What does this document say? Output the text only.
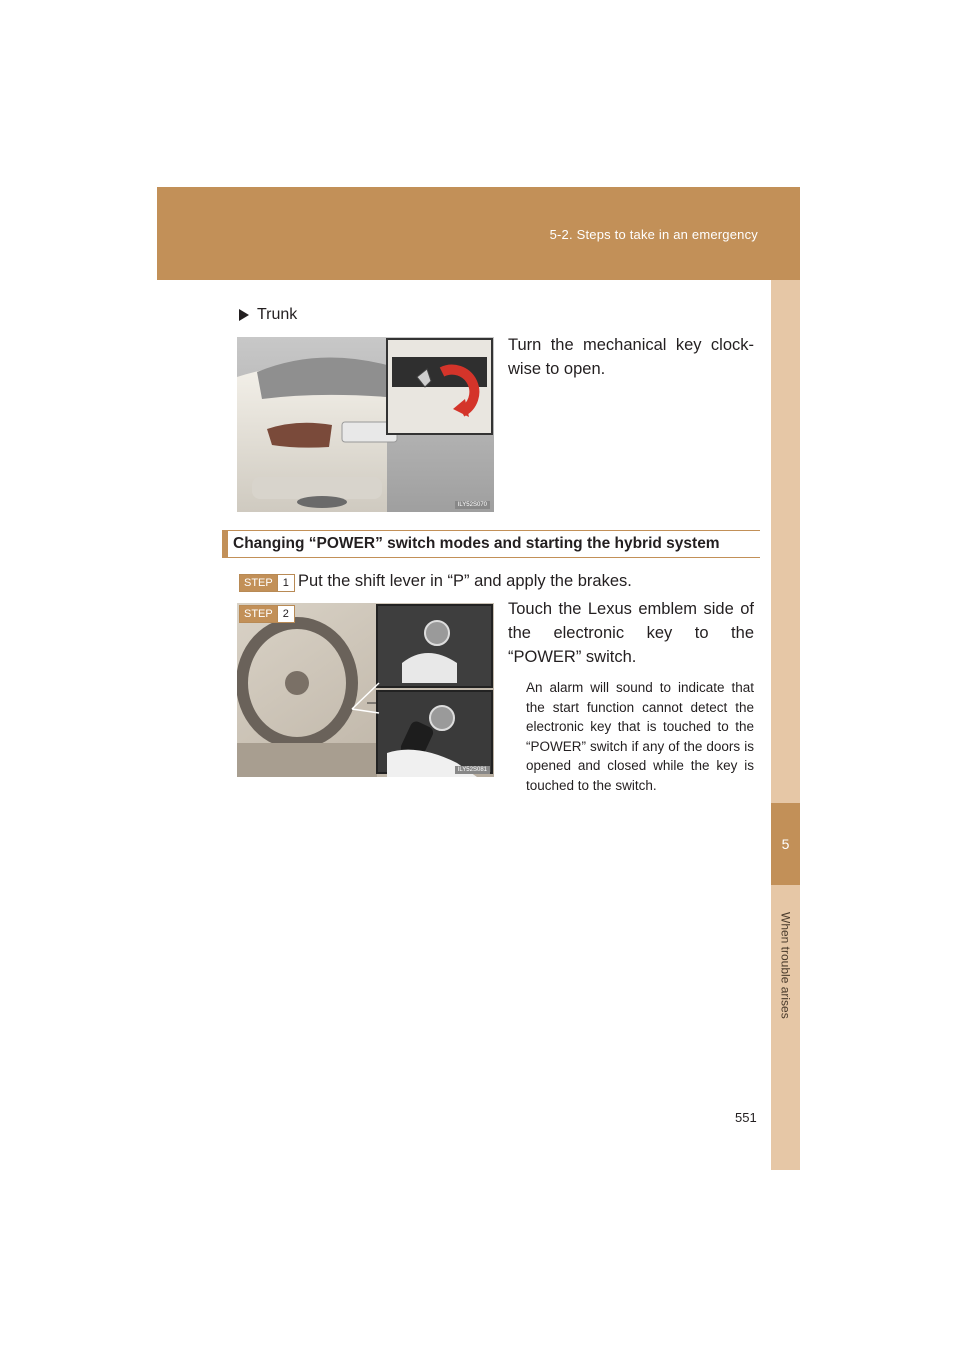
5-2. Steps to take in an emergency
5
When trouble arises
Trunk
ILY52S070
Turn the mechanical key clock-wise to open.
Changing “POWER” switch modes and starting the hybrid system
STEP 1 Put the shift lever in “P” and apply the brakes.
ILY52S081
STEP 2	Touch the Lexus emblem side of the electronic key to the “POWER” switch.
An alarm will sound to indicate that the start function cannot detect the electronic key that is touched to the “POWER” switch if any of the doors is opened and closed while the key is touched to the switch.
551
